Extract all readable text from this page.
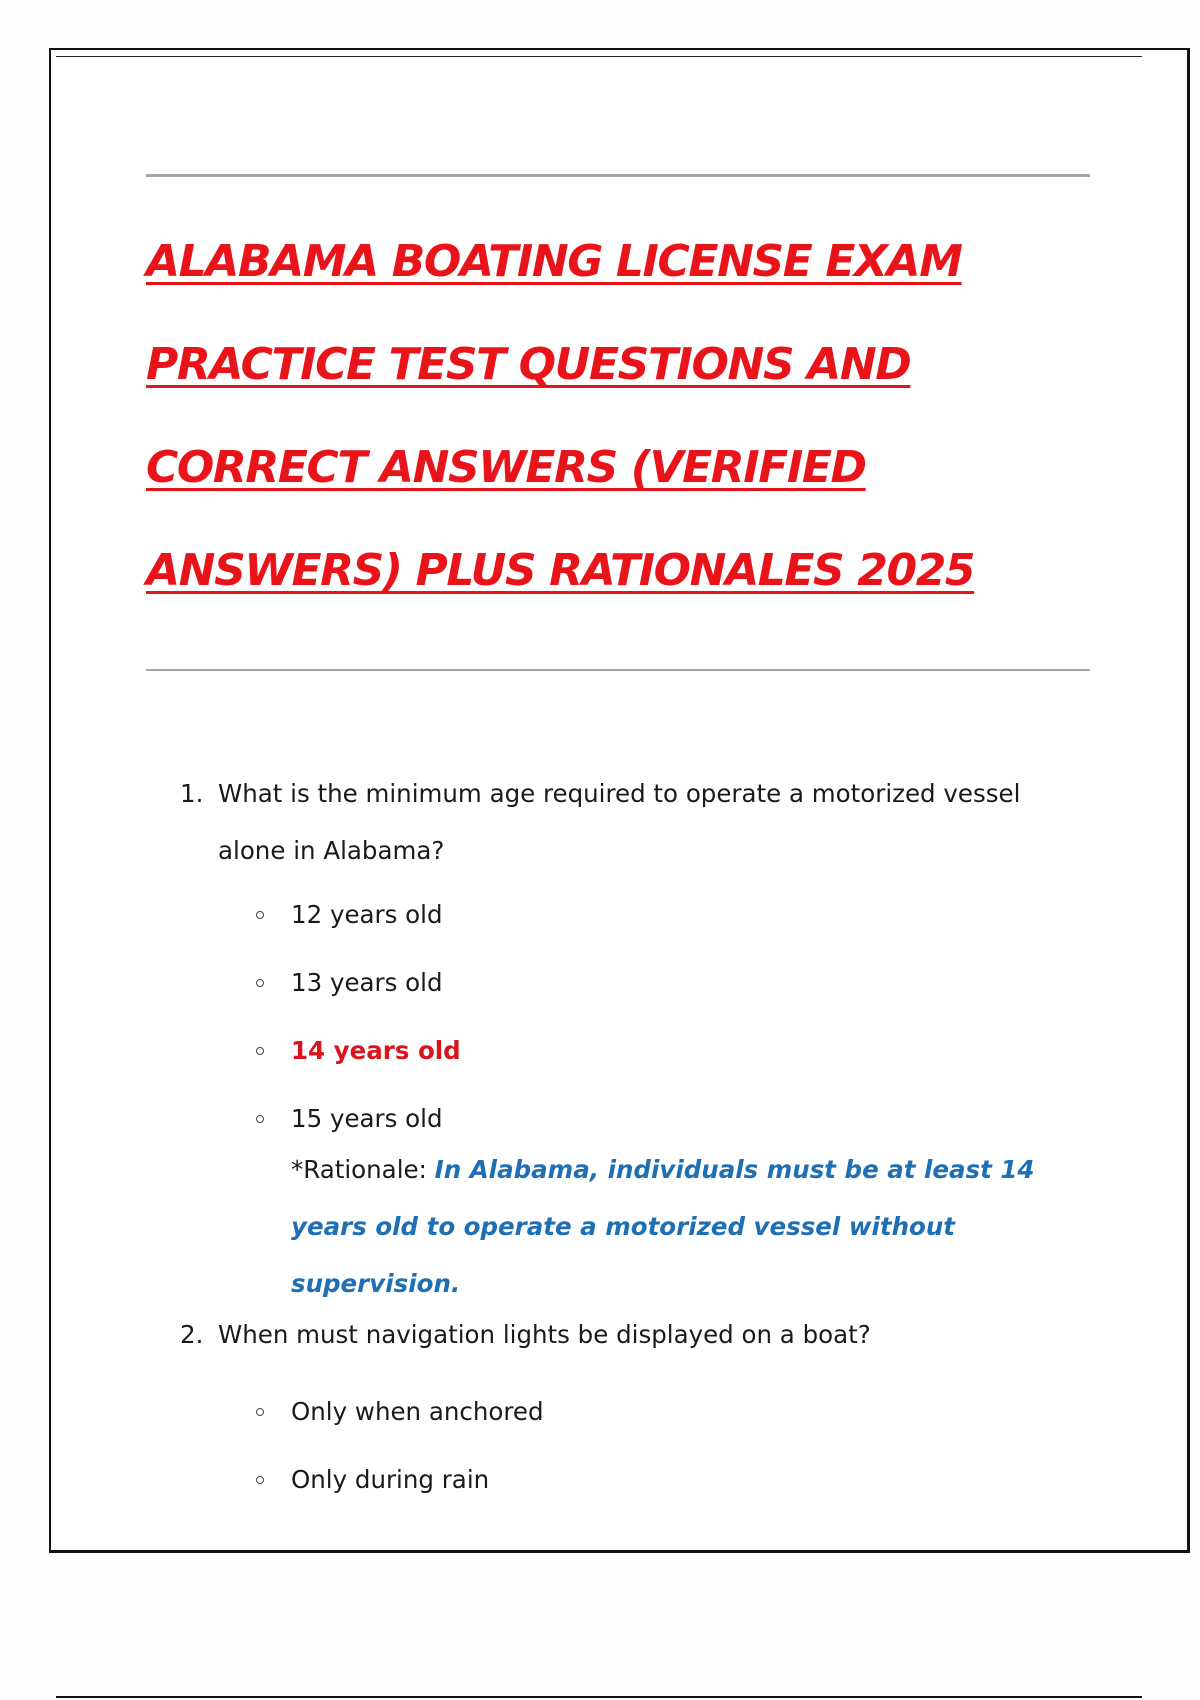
ALABAMA BOATING LICENSE EXAM
PRACTICE TEST QUESTIONS AND
CORRECT ANSWERS (VERIFIED
ANSWERS) PLUS RATIONALES 2025
1. What is the minimum age required to operate a motorized vessel
alone in Alabama?
12 years old
13 years old
14 years old
15 years old
*Rationale: In Alabama, individuals must be at least 14 years old to operate a motorized vessel without supervision.
2. When must navigation lights be displayed on a boat?
Only when anchored
Only during rain
